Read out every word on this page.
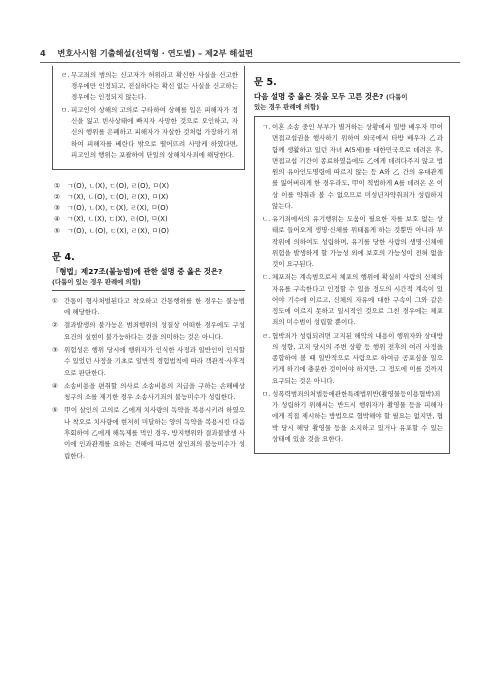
4 변호사시험 기출해설(선택형 · 연도별) – 제2부 해설편
ㄹ. 무고죄의 범의는 신고자가 허위라고 확신한 사실을 신고한 경우에만 인정되고, 진실하다는 확신 없는 사실을 신고하는 경우에는 인정되지 않는다.
ㅁ. 피고인이 상해의 고의로 구타하여 상해를 입은 피해자가 정신을 잃고 빈사상태에 빠지자 사망한 것으로 오인하고, 자신의 행위를 은폐하고 피해자가 자살한 것처럼 가장하기 위하여 피해자를 베란다 밖으로 떨어뜨려 사망케 하였다면, 피고인의 행위는 포괄하여 단일의 상해치사죄에 해당한다.
① ㄱ(O), ㄴ(X), ㄷ(O), ㄹ(O), ㅁ(X)
② ㄱ(X), ㄴ(O), ㄷ(O), ㄹ(X), ㅁ(X)
③ ㄱ(O), ㄴ(X), ㄷ(X), ㄹ(X), ㅁ(O)
④ ㄱ(X), ㄴ(X), ㄷ(X), ㄹ(O), ㅁ(X)
⑤ ㄱ(O), ㄴ(O), ㄷ(X), ㄹ(X), ㅁ(O)
문 4.
「형법」제27조(불능범)에 관한 설명 중 옳은 것은?
(다툼이 있는 경우 판례에 의함)
① 간통이 형사처벌된다고 착오하고 간통행위를 한 경우는 불능범에 해당한다.
② 결과발생의 불가능은 범죄행위의 성질상 어떠한 경우에도 구성요건의 실현이 불가능하다는 것을 의미하는 것은 아니다.
③ 위험성은 행위 당시에 행위자가 인식한 사정과 일반인이 인식할 수 있었던 사정을 기초로 일반적 경험법칙에 따라 객관적·사후적으로 판단한다.
④ 소송비용을 편취할 의사로 소송비용의 지급을 구하는 손해배상청구의 소를 제기한 경우 소송사기죄의 불능미수가 성립한다.
⑤ 甲이 살인의 고의로 乙에게 치사량의 독약을 복용시키려 하였으나 착오로 치사량에 현저히 미달하는 양의 독약을 복용시킨 다음 후회하여 乙에게 해독제를 먹인 경우, 방지행위와 결과불발생 사이에 인과관계를 요하는 견해에 따르면 살인죄의 불능미수가 성립한다.
문 5.
다음 설명 중 옳은 것을 모두 고른 것은? (다툼이
있는 경우 판례에 의함)
ㄱ. 이혼 소송 중인 부부가 별거하는 상황에서 일방 배우자 甲이 면접교섭권을 행사하기 위하여 외국에서 타방 배우자 乙과 함께 생활하고 있던 자녀 A(5세)를 대한민국으로 데려온 후, 면접교섭 기간이 종료하였음에도 乙에게 데려다주지 않고 법원의 유아인도명령에 따르지 않는 등 A와 乙 간의 유대관계를 잃어버리게 한 경우라도, 甲이 적법하게 A를 데려온 온 이상 이를 약취라 볼 수 없으므로 미성년자약취죄가 성립하지 않는다.
ㄴ. 유기죄에서의 유기행위는 도움이 필요한 자를 보호 없는 상태로 들어오게 생명·신체를 위태롭게 하는 것뿐만 아니라 부작위에 의하여도 성립하며, 유기를 당한 사람의 생명·신체에 위험을 발생하게 할 가능성 외에 보호의 가능성이 전혀 없을 것이 요구된다.
ㄷ. 체포죄는 계속범으로서 체포의 행위에 확실히 사람의 신체의 자유를 구속한다고 인정할 수 있을 정도의 시간적 계속이 있어야 기수에 이르고, 신체의 자유에 대한 구속이 그와 같은 정도에 이르지 못하고 일시적인 것으로 그친 경우에는 체포죄의 미수범이 성립할 뿐이다.
ㄹ. 협박죄가 성립되려면 고지된 해악의 내용이 행위자와 상대방의 성향, 고지 당시의 주변 상황 등 행위 전후의 여러 사정을 종합하여 볼 때 일반적으로 사람으로 하여금 공포심을 일으키게 하기에 충분한 것이어야 하지만, 그 정도에 이를 것까지 요구되는 것은 아니다.
ㅁ. 성폭력범죄의처벌등에관한특례법위반(촬영물등이용협박)죄가 성립하기 위해서는 반드시 행위자가 촬영물 등을 피해자에게 직접 제시하는 방법으로 협박해야 할 필요는 없지만, 협박 당시 해당 촬영물 등을 소지하고 있거나 유포할 수 있는 상태에 있을 것을 요한다.
